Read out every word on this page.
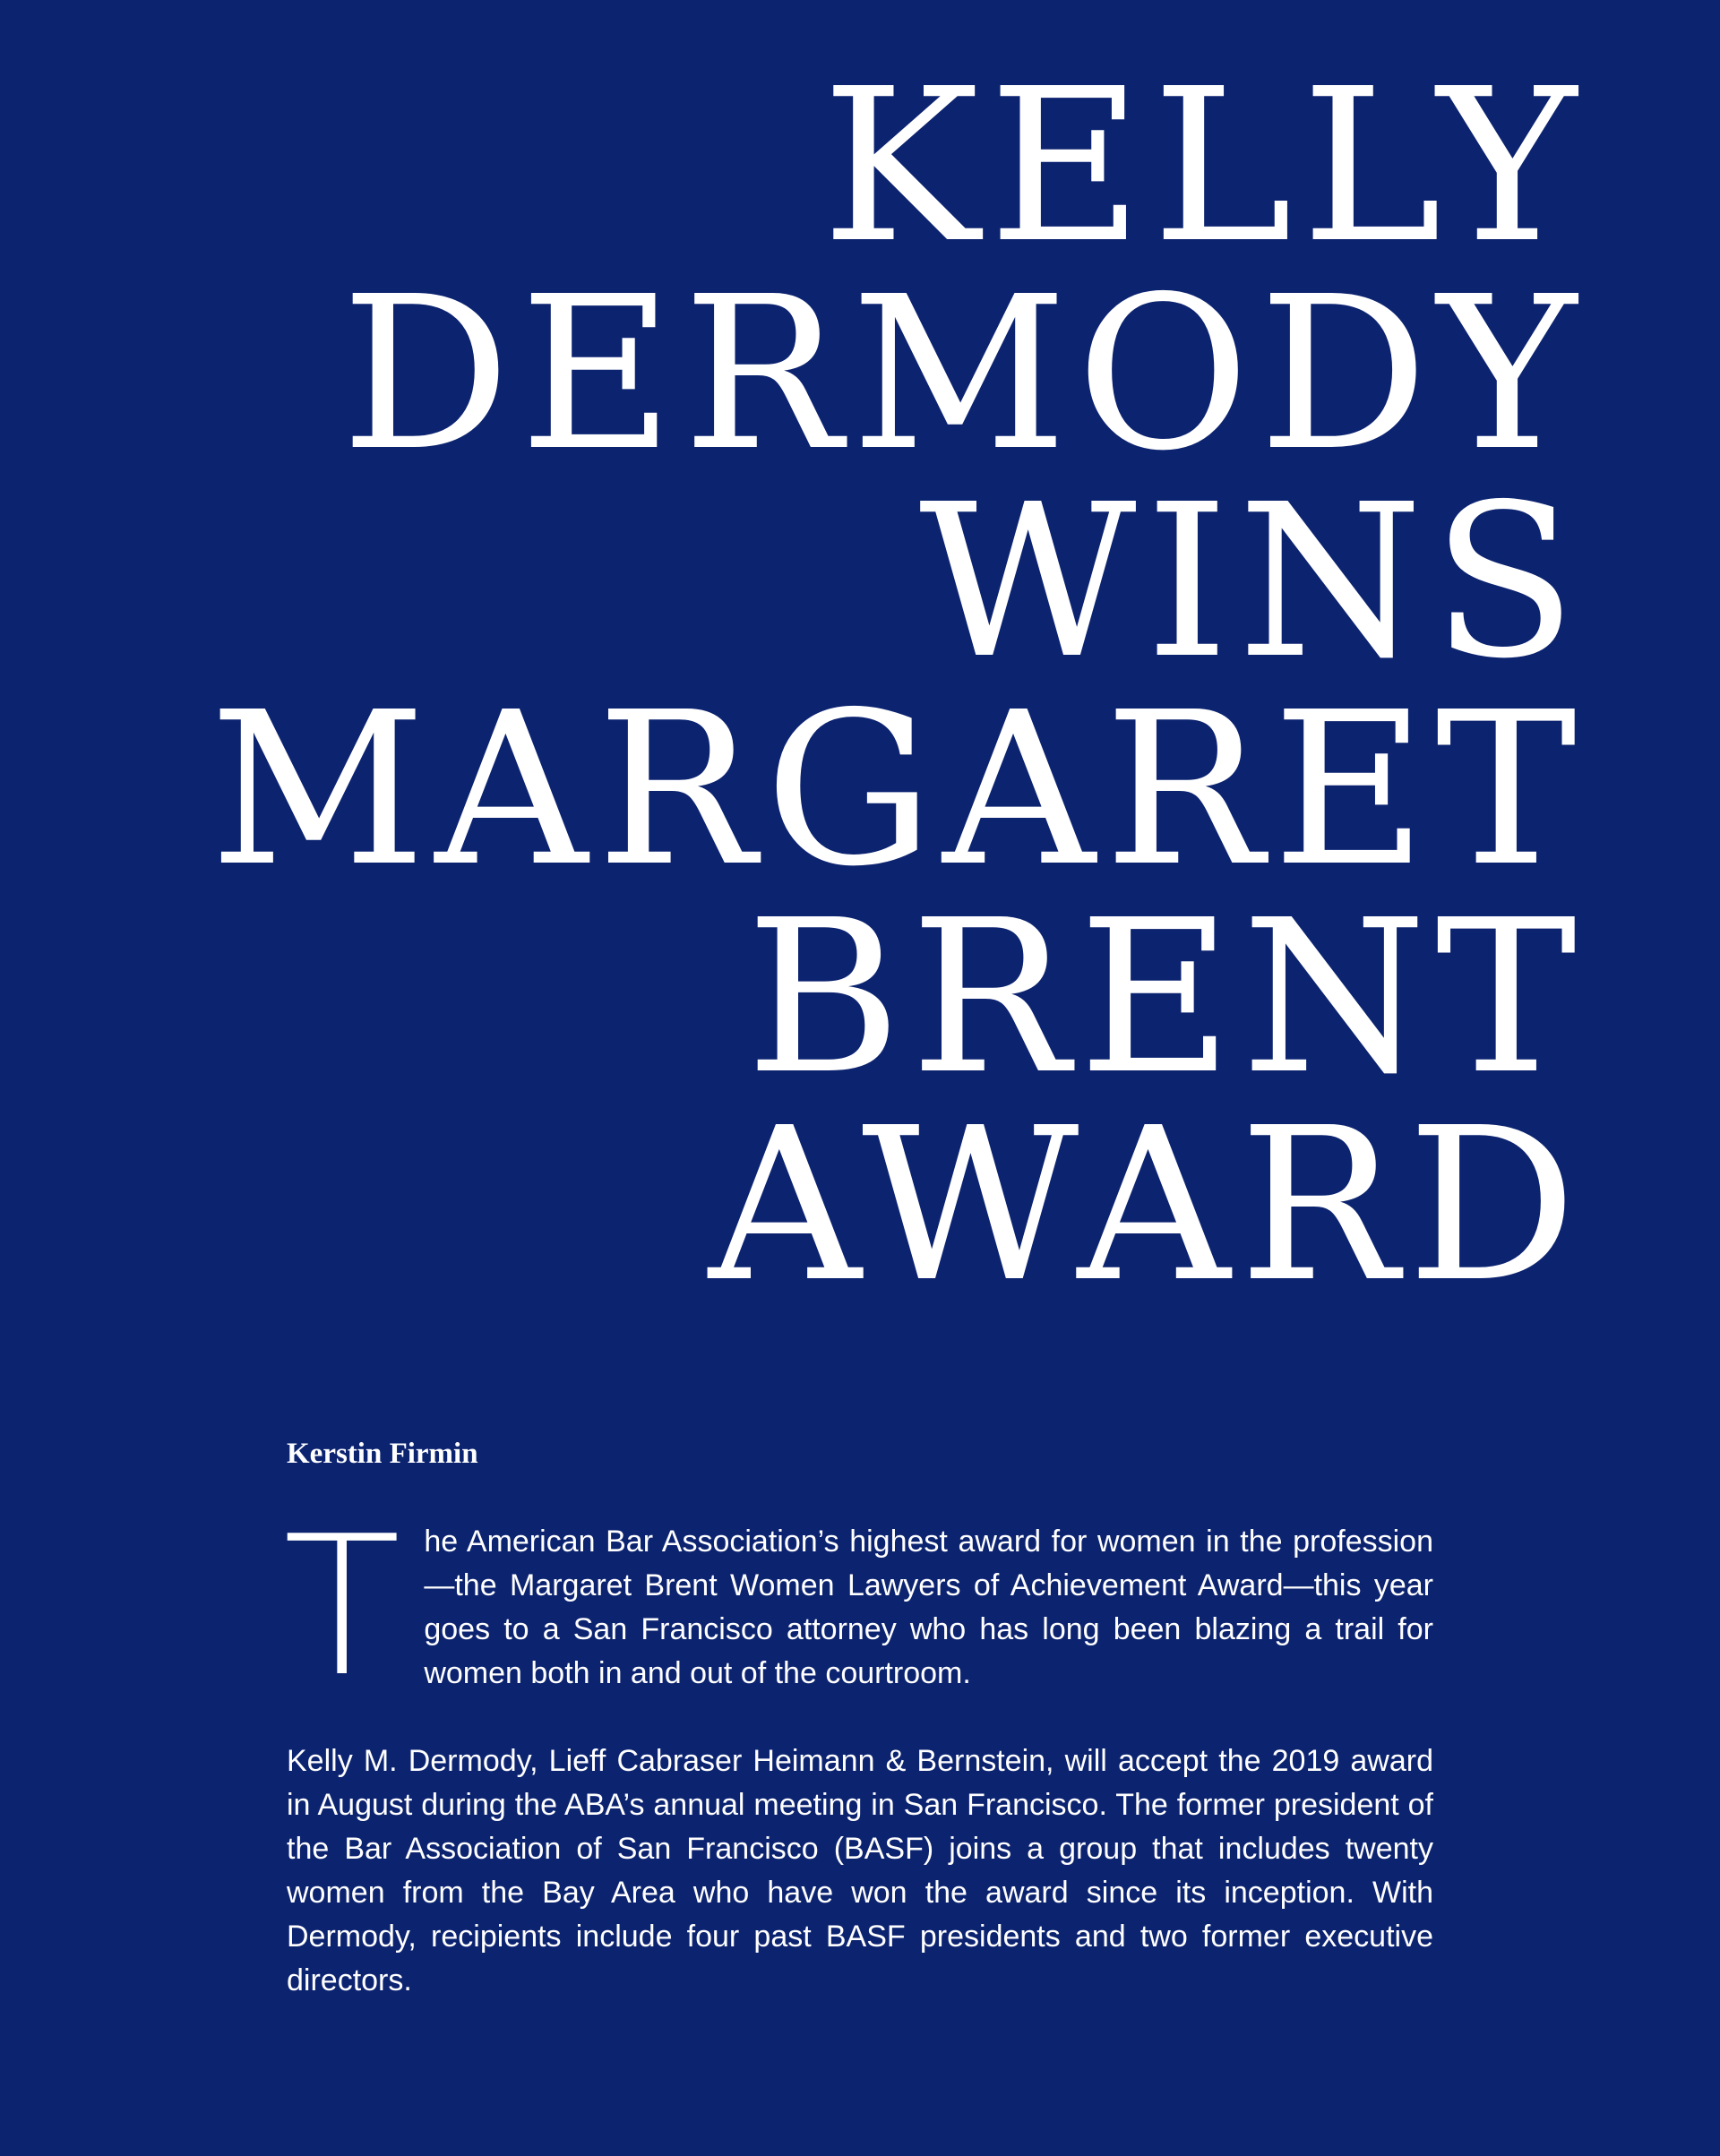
KELLY
DERMODY
WINS
MARGARET
BRENT
AWARD

Kerstin Firmin

The American Bar Association’s highest award for women in the profession—the Margaret Brent Women Lawyers of Achievement Award—this year goes to a San Francisco attorney who has long been blazing a trail for women both in and out of the courtroom.

Kelly M. Dermody, Lieff Cabraser Heimann & Bernstein, will accept the 2019 award in August during the ABA’s annual meeting in San Francisco. The former president of the Bar Association of San Francisco (BASF) joins a group that includes twenty women from the Bay Area who have won the award since its inception. With Dermody, recipients include four past BASF presidents and two former executive directors.
